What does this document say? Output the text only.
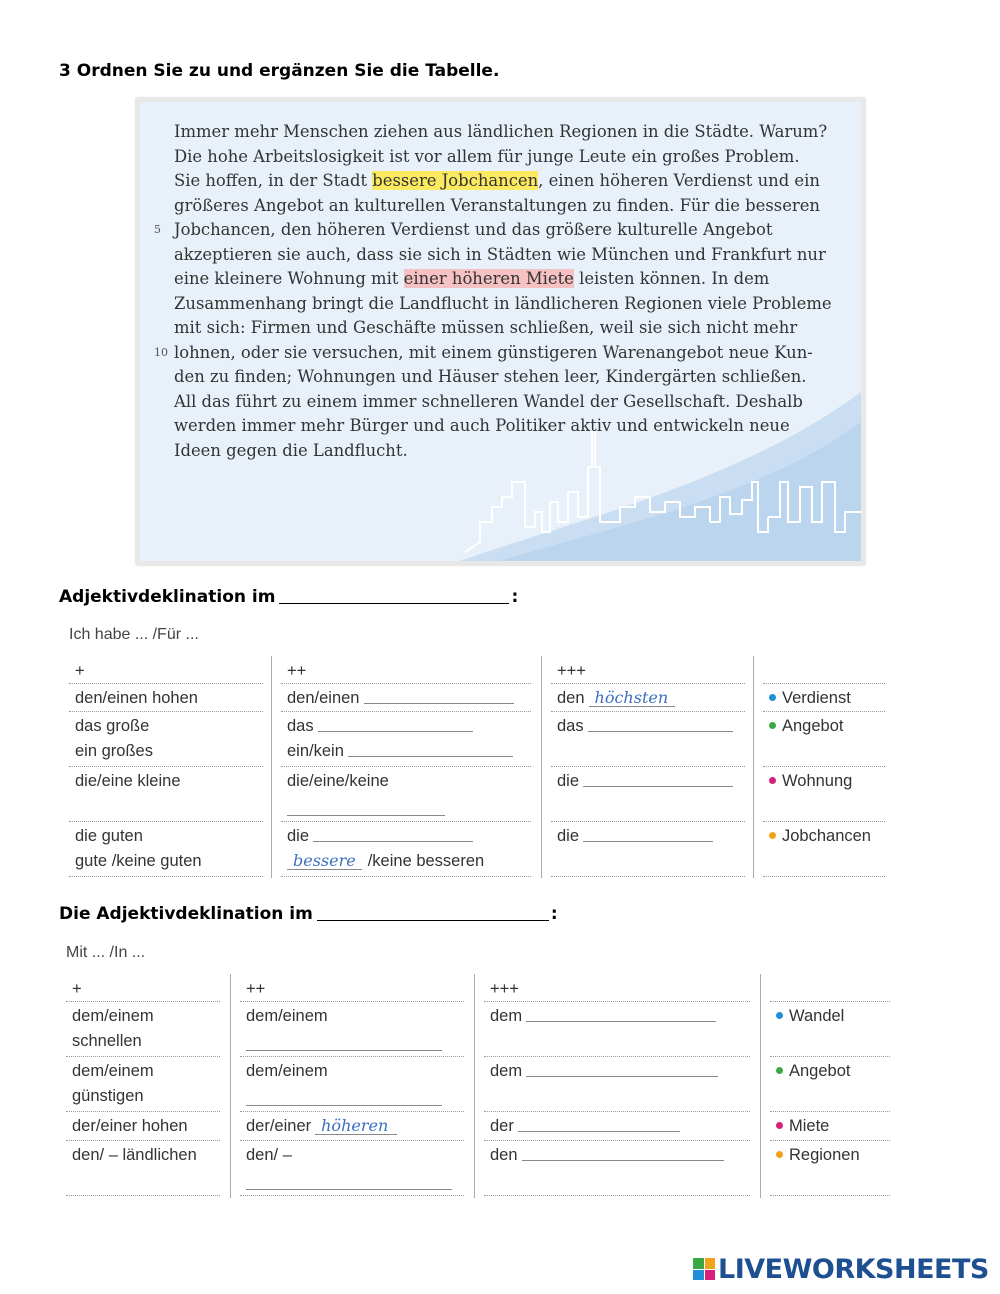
3 Ordnen Sie zu und ergänzen Sie die Tabelle.
Immer mehr Menschen ziehen aus ländlichen Regionen in die Städte. Warum?
Die hohe Arbeitslosigkeit ist vor allem für junge Leute ein großes Problem.
Sie hoffen, in der Stadt bessere Jobchancen, einen höheren Verdienst und ein
größeres Angebot an kulturellen Veranstaltungen zu finden. Für die besseren
5 Jobchancen, den höheren Verdienst und das größere kulturelle Angebot
akzeptieren sie auch, dass sie sich in Städten wie München und Frankfurt nur
eine kleinere Wohnung mit einer höheren Miete leisten können. In dem
Zusammenhang bringt die Landflucht in ländlicheren Regionen viele Probleme
mit sich: Firmen und Geschäfte müssen schließen, weil sie sich nicht mehr
10 lohnen, oder sie versuchen, mit einem günstigeren Warenangebot neue Kun-
den zu finden; Wohnungen und Häuser stehen leer, Kindergärten schließen.
All das führt zu einem immer schnelleren Wandel der Gesellschaft. Deshalb
werden immer mehr Bürger und auch Politiker aktiv und entwickeln neue
Ideen gegen die Landflucht.
Adjektivdeklination im	:
Ich habe ... /Für ...
+
den/einen hohen
das große
ein großes
die/eine kleine
die guten
gute /keine guten
++
den/einen
das
ein/kein
die/eine/keine
die
bessere /keine besseren
+++
den höchsten
das
die
die
Verdienst
Angebot
Wohnung
Jobchancen
Die Adjektivdeklination im	:
Mit ... /In ...
+
dem/einem
schnellen
dem/einem
günstigen
der/einer hohen
den/ – ländlichen
++
dem/einem
dem/einem
der/einer höheren
den/ –
+++
dem
dem
der
den
Wandel
Angebot
Miete
Regionen
LIVEWORKSHEETS
